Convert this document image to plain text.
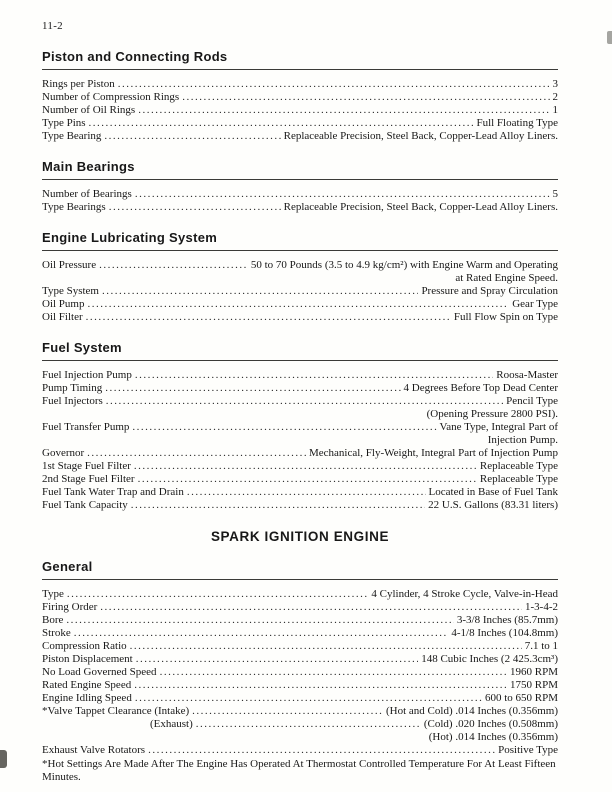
11-2
Piston and Connecting Rods
Rings per Piston .....	3
Number of Compression Rings .....	2
Number of Oil Rings .....	1
Type Pins .....	Full Floating Type
Type Bearing .....	Replaceable Precision, Steel Back, Copper-Lead Alloy Liners.
Main Bearings
Number of Bearings .....	5
Type Bearings .....	Replaceable Precision, Steel Back, Copper-Lead Alloy Liners.
Engine Lubricating System
Oil Pressure .....	50 to 70 Pounds (3.5 to 4.9 kg/cm²) with Engine Warm and Operating
at Rated Engine Speed.
Type System .....	Pressure and Spray Circulation
Oil Pump .....	Gear Type
Oil Filter .....	Full Flow Spin on Type
Fuel System
Fuel Injection Pump .....	Roosa-Master
Pump Timing .....	4 Degrees Before Top Dead Center
Fuel Injectors .....	Pencil Type
(Opening Pressure 2800 PSI).
Fuel Transfer Pump .....	Vane Type, Integral Part of
Injection Pump.
Governor .....	Mechanical, Fly-Weight, Integral Part of Injection Pump
1st Stage Fuel Filter .....	Replaceable Type
2nd Stage Fuel Filter .....	Replaceable Type
Fuel Tank Water Trap and Drain .....	Located in Base of Fuel Tank
Fuel Tank Capacity .....	22 U.S. Gallons (83.31 liters)
SPARK IGNITION ENGINE
General
Type .....	4 Cylinder, 4 Stroke Cycle, Valve-in-Head
Firing Order .....	1-3-4-2
Bore .....	3-3/8 Inches (85.7mm)
Stroke .....	4-1/8 Inches (104.8mm)
Compression Ratio .....	7.1 to 1
Piston Displacement .....	148 Cubic Inches (2 425.3cm³)
No Load Governed Speed .....	1960 RPM
Rated Engine Speed .....	1750 RPM
Engine Idling Speed .....	600 to 650 RPM
*Valve Tappet Clearance (Intake) .....	(Hot and Cold) .014 Inches (0.356mm)
(Exhaust) .....	(Cold) .020 Inches (0.508mm)
(Hot) .014 Inches (0.356mm)
Exhaust Valve Rotators .....	Positive Type
*Hot Settings Are Made After The Engine Has Operated At Thermostat Controlled Temperature For At Least Fifteen Minutes.
